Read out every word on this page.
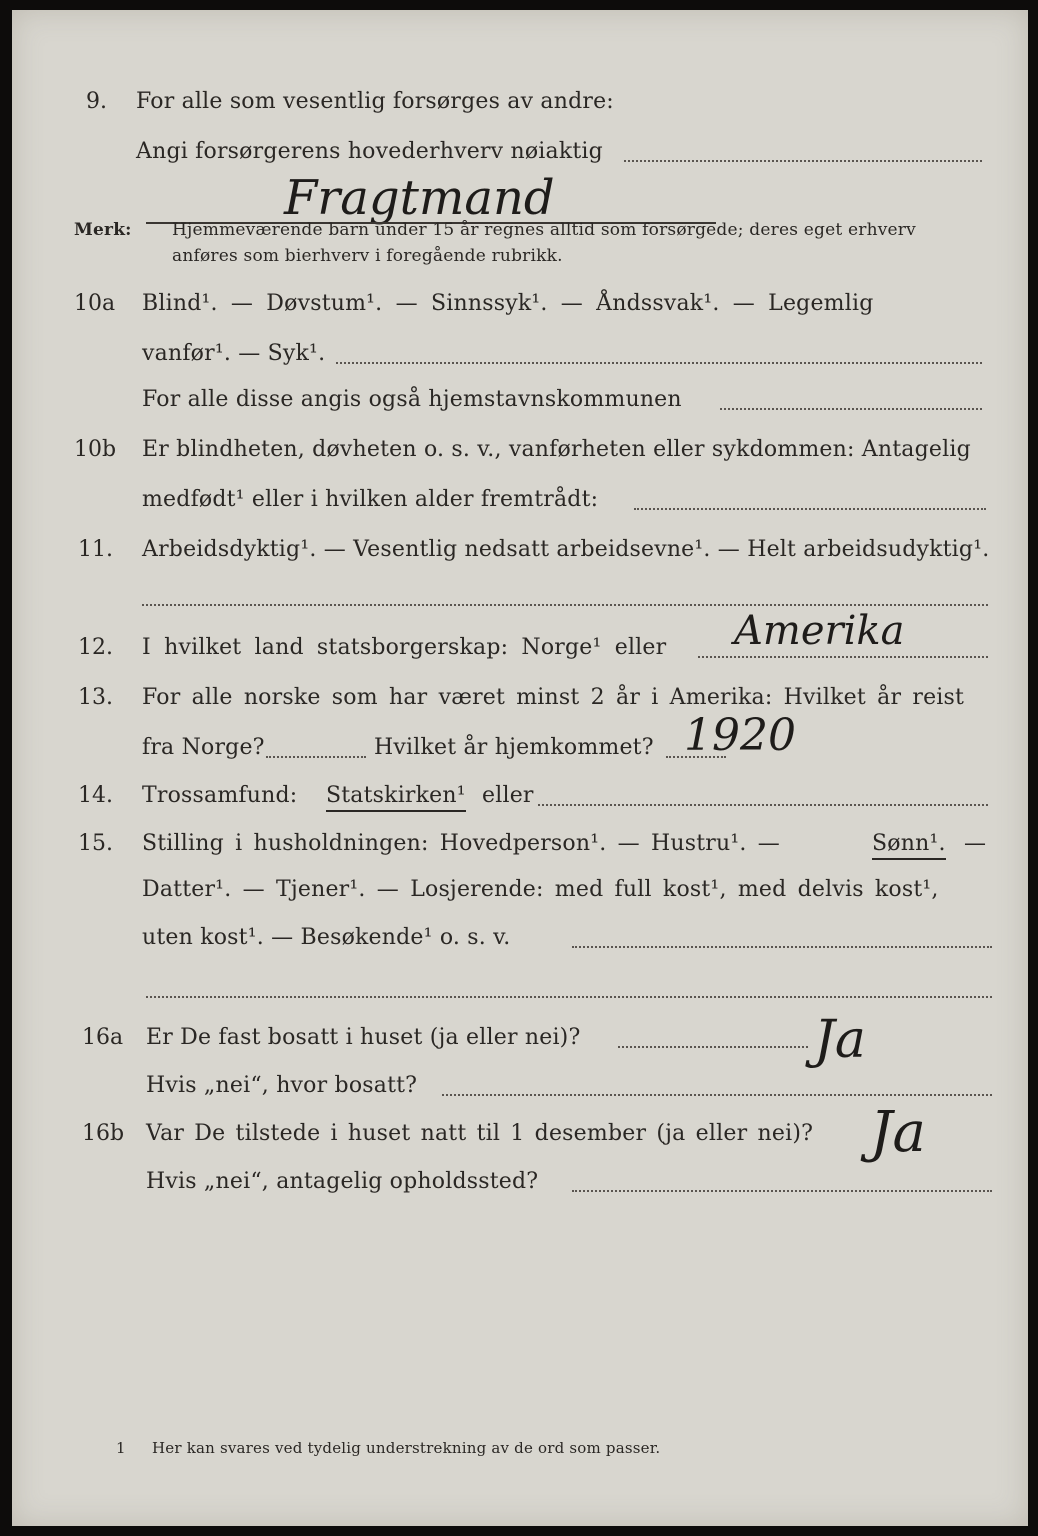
9. For alle som vesentlig forsørges av andre:
Angi forsørgerens hovederhverv nøiaktig
Fragtmand
Merk: Hjemmeværende barn under 15 år regnes alltid som forsørgede; deres eget erhverv
anføres som bierhverv i foregående rubrikk.
10a Blind¹. — Døvstum¹. — Sinnssyk¹. — Åndssvak¹. — Legemlig
vanfør¹. — Syk¹.
For alle disse angis også hjemstavnskommunen
10b Er blindheten, døvheten o. s. v., vanførheten eller sykdommen: Antagelig
medfødt¹ eller i hvilken alder fremtrådt:
11. Arbeidsdyktig¹. — Vesentlig nedsatt arbeidsevne¹. — Helt arbeidsudyktig¹.
12. I hvilket land statsborgerskap: Norge¹ eller Amerika
13. For alle norske som har været minst 2 år i Amerika: Hvilket år reist
fra Norge?	Hvilket år hjemkommet? 1920
14. Trossamfund: Statskirken¹ eller
15. Stilling i husholdningen: Hovedperson¹. — Hustru¹. —	Sønn¹. —
Datter¹. — Tjener¹. — Losjerende: med full kost¹, med delvis kost¹,
uten kost¹. — Besøkende¹ o. s. v.
16a Er De fast bosatt i huset (ja eller nei)?	Ja
Hvis „nei“, hvor bosatt?
16b Var De tilstede i huset natt til 1 desember (ja eller nei)? Ja
Hvis „nei“, antagelig opholdssted?
1 Her kan svares ved tydelig understrekning av de ord som passer.
